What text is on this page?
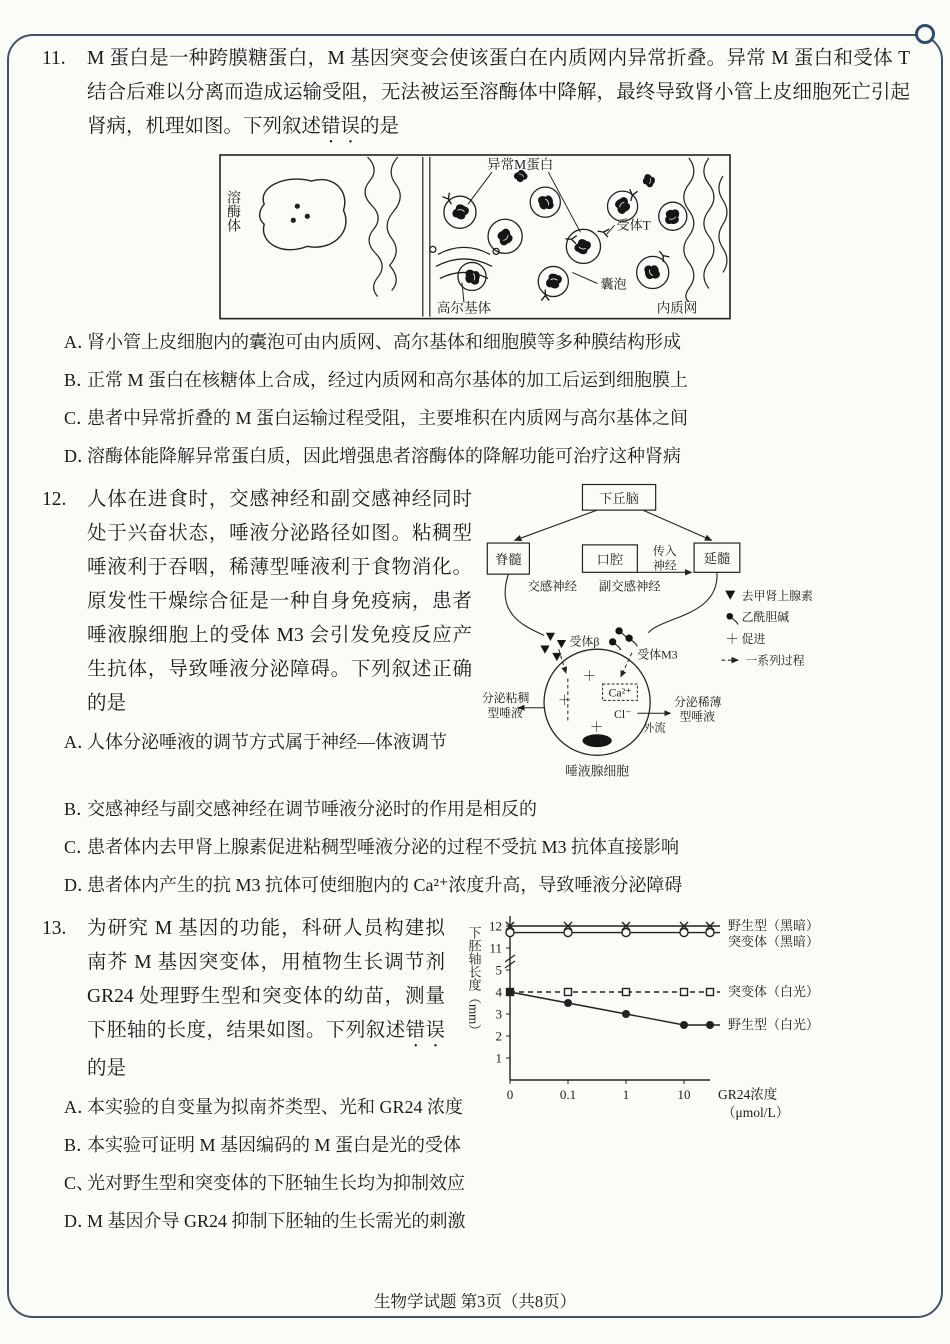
11. M 蛋白是一种跨膜糖蛋白，M 基因突变会使该蛋白在内质网内异常折叠。异常 M 蛋白和受体 T 结合后难以分离而造成运输受阻，无法被运至溶酶体中降解，最终导致肾小管上皮细胞死亡引起肾病，机理如图。下列叙述错误的是
溶酶体
异常M蛋白
受体T
囊泡
高尔基体	内质网
A．
肾小管上皮细胞内的囊泡可由内质网、高尔基体和细胞膜等多种膜结构形成
B．
正常 M 蛋白在核糖体上合成，经过内质网和高尔基体的加工后运到细胞膜上
C．
患者中异常折叠的 M 蛋白运输过程受阻，主要堆积在内质网与高尔基体之间
D．
溶酶体能降解异常蛋白质，因此增强患者溶酶体的降解功能可治疗这种肾病
下丘脑
脊髓	口腔	延髓
传入
神经
交感神经 副交感神经
受体β
受体M3
去甲肾上腺素
乙酰胆碱
＋ 促进
一系列过程
＋
＋
＋
Ca²⁺
Cl⁻
外流
分泌粘稠
型唾液
分泌稀薄
型唾液
唾液腺细胞
12. 人体在进食时，交感神经和副交感神经同时处于兴奋状态，唾液分泌路径如图。粘稠型唾液利于吞咽，稀薄型唾液利于食物消化。原发性干燥综合征是一种自身免疫病，患者唾液腺细胞上的受体 M3 会引发免疫反应产生抗体，导致唾液分泌障碍。下列叙述正确的是
A．
人体分泌唾液的调节方式属于神经—体液调节
B．
交感神经与副交感神经在调节唾液分泌时的作用是相反的
C．
患者体内去甲肾上腺素促进粘稠型唾液分泌的过程不受抗 M3 抗体直接影响
D．
患者体内产生的抗 M3 抗体可使细胞内的 Ca²⁺浓度升高，导致唾液分泌障碍
下胚轴长度（mm）
1
2
3
4
5
11
12
0	0.1	1	10 GR24浓度
（μmol/L）
野生型（黑暗）
突变体（黑暗）
突变体（白光）
野生型（白光）
13. 为研究 M 基因的功能，科研人员构建拟南芥 M 基因突变体，用植物生长调节剂 GR24 处理野生型和突变体的幼苗，测量下胚轴的长度，结果如图。下列叙述错误的是
A．
本实验的自变量为拟南芥类型、光和 GR24 浓度
B．
本实验可证明 M 基因编码的 M 蛋白是光的受体
C、
光对野生型和突变体的下胚轴生长均为抑制效应
D．
M 基因介导 GR24 抑制下胚轴的生长需光的刺激
生物学试题 第3页（共8页）
